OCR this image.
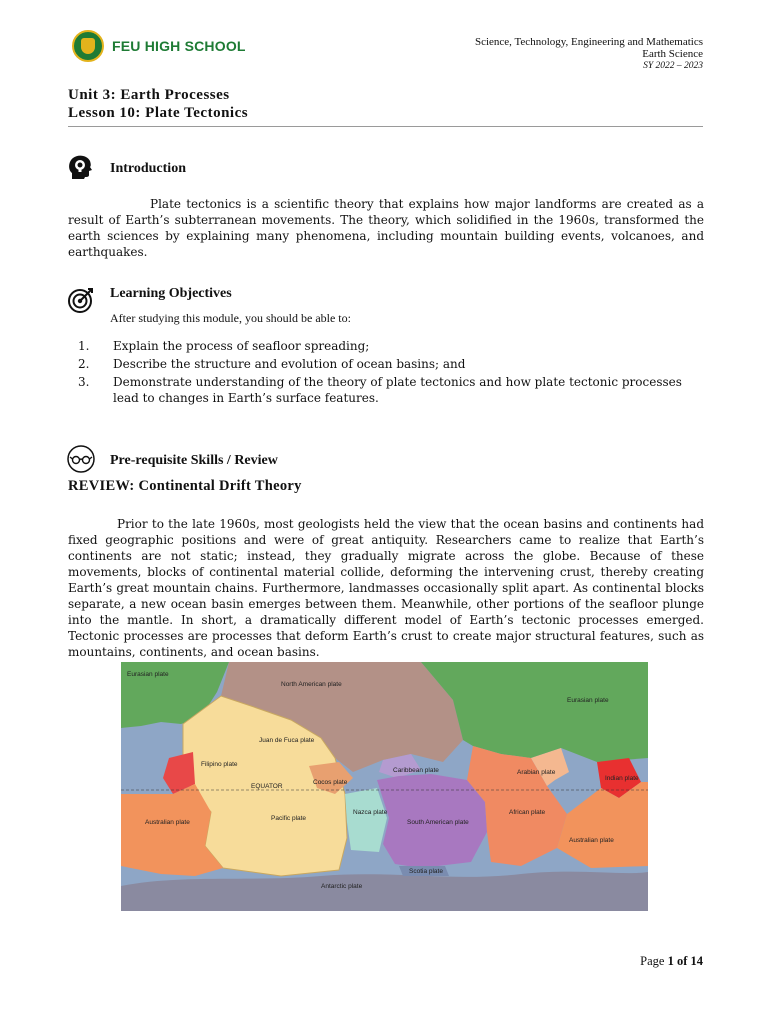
FEU HIGH SCHOOL	Science, Technology, Engineering and Mathematics
Earth Science
SY 2022 – 2023
Unit 3: Earth Processes
Lesson 10: Plate Tectonics
Introduction
Plate tectonics is a scientific theory that explains how major landforms are created as a result of Earth’s subterranean movements. The theory, which solidified in the 1960s, transformed the earth sciences by explaining many phenomena, including mountain building events, volcanoes, and earthquakes.
Learning Objectives
After studying this module, you should be able to:
1.	Explain the process of seafloor spreading;
2.	Describe the structure and evolution of ocean basins; and
3.	Demonstrate understanding of the theory of plate tectonics and how plate tectonic processes lead to changes in Earth’s surface features.
Pre-requisite Skills / Review
REVIEW: Continental Drift Theory
Prior to the late 1960s, most geologists held the view that the ocean basins and continents had fixed geographic positions and were of great antiquity. Researchers came to realize that Earth’s continents are not static; instead, they gradually migrate across the globe. Because of these movements, blocks of continental material collide, deforming the intervening crust, thereby creating Earth’s great mountain chains. Furthermore, landmasses occasionally split apart. As continental blocks separate, a new ocean basin emerges between them. Meanwhile, other portions of the seafloor plunge into the mantle. In short, a dramatically different model of Earth’s tectonic processes emerged. Tectonic processes are processes that deform Earth’s crust to create major structural features, such as mountains, continents, and ocean basins.
Eurasian plate
North American plate
Eurasian plate
Juan de Fuca plate
Filipino plate
Caribbean plate	Arabian plate
Indian plate
EQUATOR
Cocos plate
Australian plate
Pacific plate
Nazca plate
South American plate
African plate
Australian plate
Scotia plate
Antarctic plate
Page 1 of 14
